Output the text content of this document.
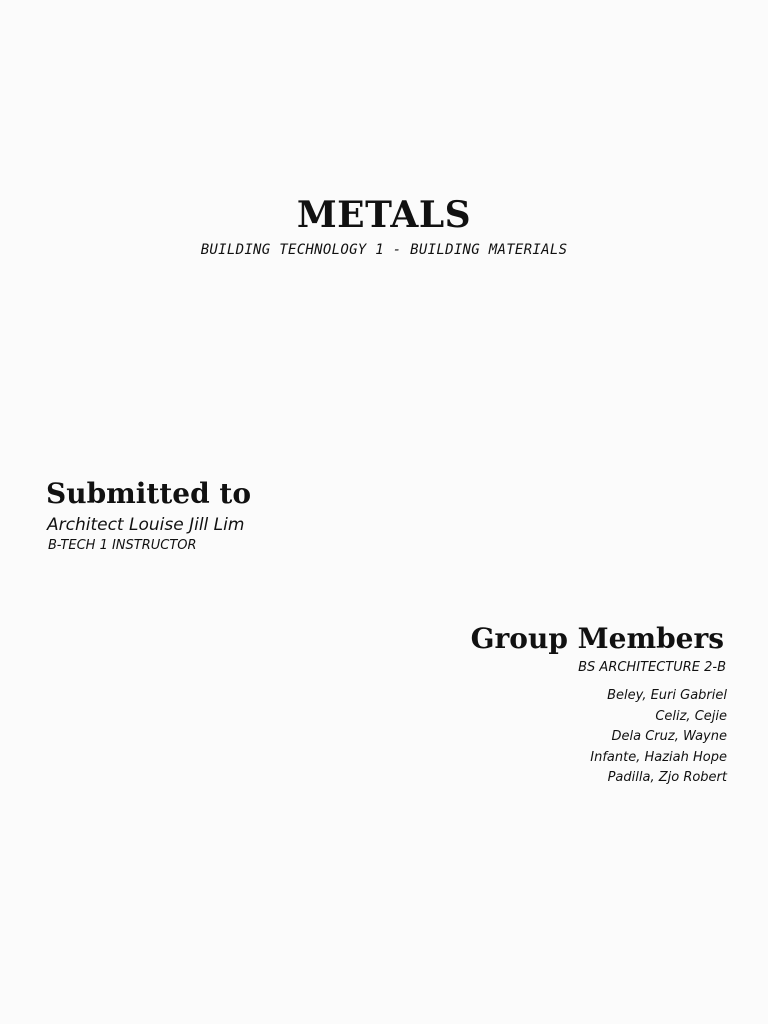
METALS

BUILDING TECHNOLOGY 1 - BUILDING MATERIALS

Submitted to

Architect Louise Jill Lim

B-TECH 1 INSTRUCTOR

Group Members

BS ARCHITECTURE 2-B

Beley, Euri Gabriel
Celiz, Cejie
Dela Cruz, Wayne
Infante, Haziah Hope
Padilla, Zjo Robert
